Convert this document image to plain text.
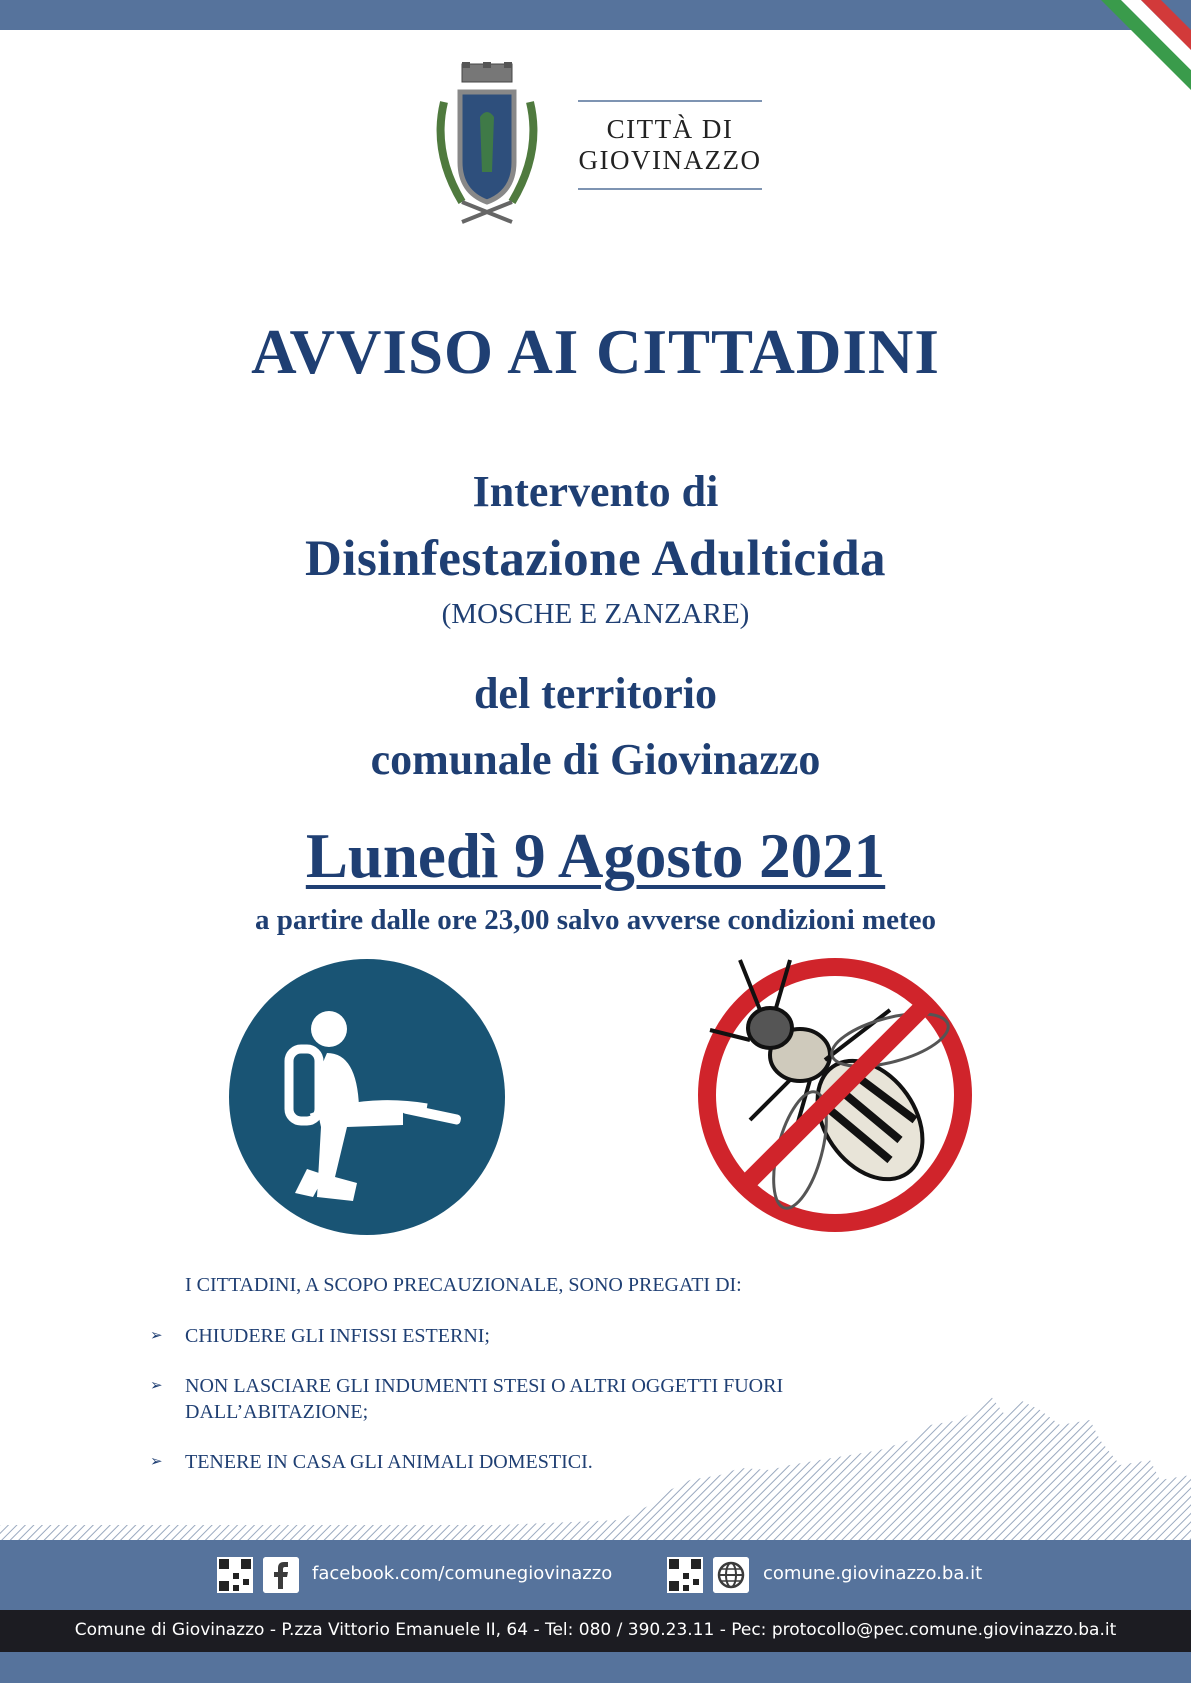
CITTÀ DI
GIOVINAZZO
AVVISO AI CITTADINI
Intervento di
Disinfestazione Adulticida
(MOSCHE E ZANZARE)
del territorio
comunale di Giovinazzo
Lunedì 9 Agosto 2021
a partire dalle ore 23,00 salvo avverse condizioni meteo
I CITTADINI, A SCOPO PRECAUZIONALE, SONO PREGATI DI:
➢ CHIUDERE GLI INFISSI ESTERNI;
➢ NON LASCIARE GLI INDUMENTI STESI O ALTRI OGGETTI FUORI DALL’ABITAZIONE;
➢ TENERE IN CASA GLI ANIMALI DOMESTICI.
facebook.com/comunegiovinazzo	comune.giovinazzo.ba.it
Comune di Giovinazzo - P.zza Vittorio Emanuele II, 64 - Tel: 080 / 390.23.11 - Pec: protocollo@pec.comune.giovinazzo.ba.it
